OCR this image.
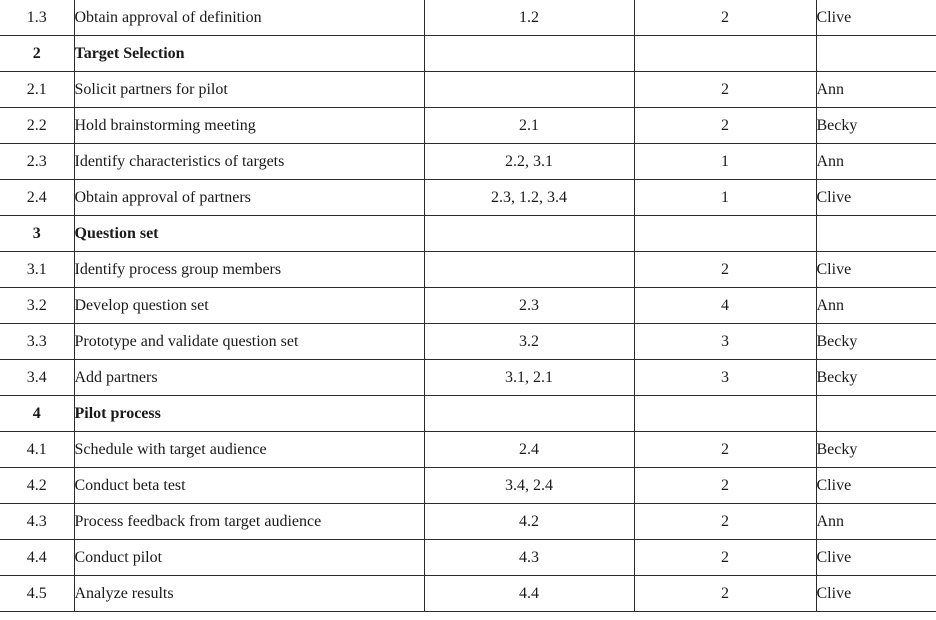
1.3	Obtain approval of definition	1.2	2	Clive
2	Target Selection			
2.1	Solicit partners for pilot		2	Ann
2.2	Hold brainstorming meeting	2.1	2	Becky
2.3	Identify characteristics of targets	2.2, 3.1	1	Ann
2.4	Obtain approval of partners	2.3, 1.2, 3.4	1	Clive
3	Question set			
3.1	Identify process group members		2	Clive
3.2	Develop question set	2.3	4	Ann
3.3	Prototype and validate question set	3.2	3	Becky
3.4	Add partners	3.1, 2.1	3	Becky
4	Pilot process			
4.1	Schedule with target audience	2.4	2	Becky
4.2	Conduct beta test	3.4, 2.4	2	Clive
4.3	Process feedback from target audience	4.2	2	Ann
4.4	Conduct pilot	4.3	2	Clive
4.5	Analyze results	4.4	2	Clive
